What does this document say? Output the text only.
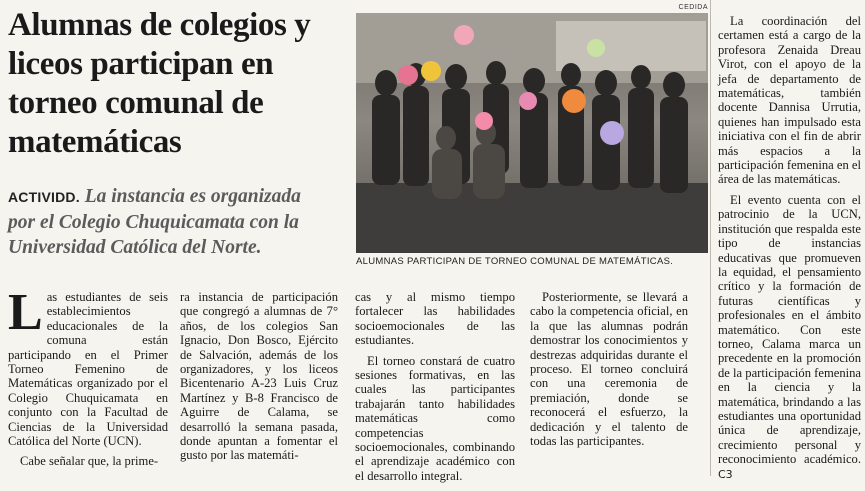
Alumnas de colegios y liceos participan en torneo comunal de matemáticas
ACTIVIDD. La instancia es organizada por el Colegio Chuquicamata con la Universidad Católica del Norte.
CEDIDA
ALUMNAS PARTICIPAN DE TORNEO COMUNAL DE MATEMÁTICAS.

Las estudiantes de seis establecimientos educacionales de la comuna están participando en el Primer Torneo Femenino de Matemáticas organizado por el Colegio Chuquicamata en conjunto con la Facultad de Ciencias de la Universidad Católica del Norte (UCN).

Cabe señalar que, la prime-

ra instancia de participación que congregó a alumnas de 7° años, de los colegios San Ignacio, Don Bosco, Ejército de Salvación, además de los organizadores, y los liceos Bicentenario A-23 Luis Cruz Martínez y B-8 Francisco de Aguirre de Calama, se desarrolló la semana pasada, donde apuntan a fomentar el gusto por las matemáti-

cas y al mismo tiempo fortalecer las habilidades socioemocionales de las estudiantes.

El torneo constará de cuatro sesiones formativas, en las cuales las participantes trabajarán tanto habilidades matemáticas como competencias socioemocionales, combinando el aprendizaje académico con el desarrollo integral.

Posteriormente, se llevará a cabo la competencia oficial, en la que las alumnas podrán demostrar los conocimientos y destrezas adquiridas durante el proceso. El torneo concluirá con una ceremonia de premiación, donde se reconocerá el esfuerzo, la dedicación y el talento de todas las participantes.

La coordinación del certamen está a cargo de la profesora Zenaida Dreau Virot, con el apoyo de la jefa de departamento de matemáticas, también docente Dannisa Urrutia, quienes han impulsado esta iniciativa con el fin de abrir más espacios a la participación femenina en el área de las matemáticas.

El evento cuenta con el patrocinio de la UCN, institución que respalda este tipo de instancias educativas que promueven la equidad, el pensamiento crítico y la formación de futuras científicas y profesionales en el ámbito matemático. Con este torneo, Calama marca un precedente en la promoción de la participación femenina en la ciencia y la matemática, brindando a las estudiantes una oportunidad única de aprendizaje, crecimiento personal y reconocimiento académico. C3
